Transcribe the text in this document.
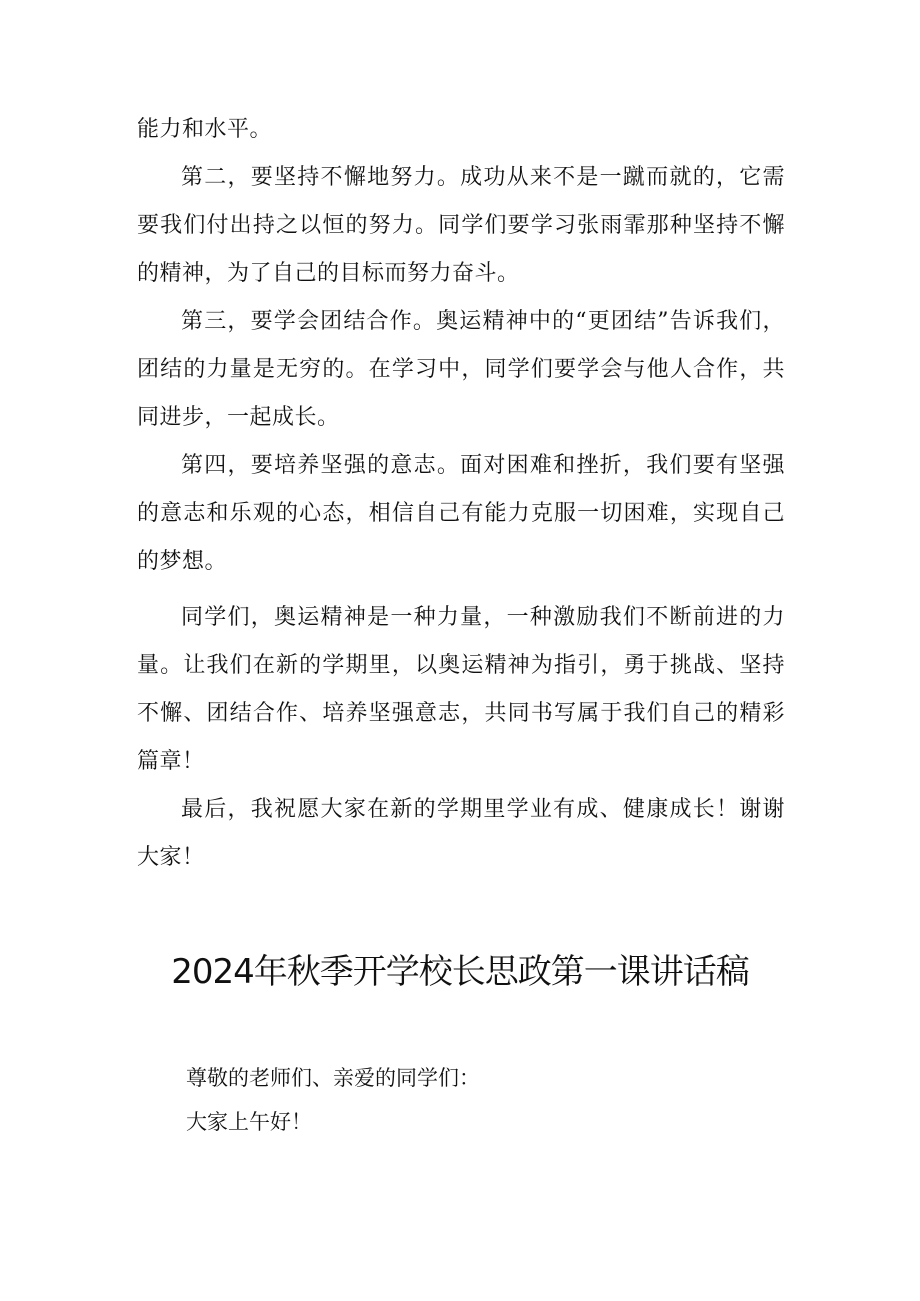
能力和水平。

第二，要坚持不懈地努力。成功从来不是一蹴而就的，它需要我们付出持之以恒的努力。同学们要学习张雨霏那种坚持不懈的精神，为了自己的目标而努力奋斗。

第三，要学会团结合作。奥运精神中的“更团结”告诉我们，团结的力量是无穷的。在学习中，同学们要学会与他人合作，共同进步，一起成长。

第四，要培养坚强的意志。面对困难和挫折，我们要有坚强的意志和乐观的心态，相信自己有能力克服一切困难，实现自己的梦想。

同学们，奥运精神是一种力量，一种激励我们不断前进的力量。让我们在新的学期里，以奥运精神为指引，勇于挑战、坚持不懈、团结合作、培养坚强意志，共同书写属于我们自己的精彩篇章！

最后，我祝愿大家在新的学期里学业有成、健康成长！谢谢大家！

2024年秋季开学校长思政第一课讲话稿

尊敬的老师们、亲爱的同学们：

大家上午好！
